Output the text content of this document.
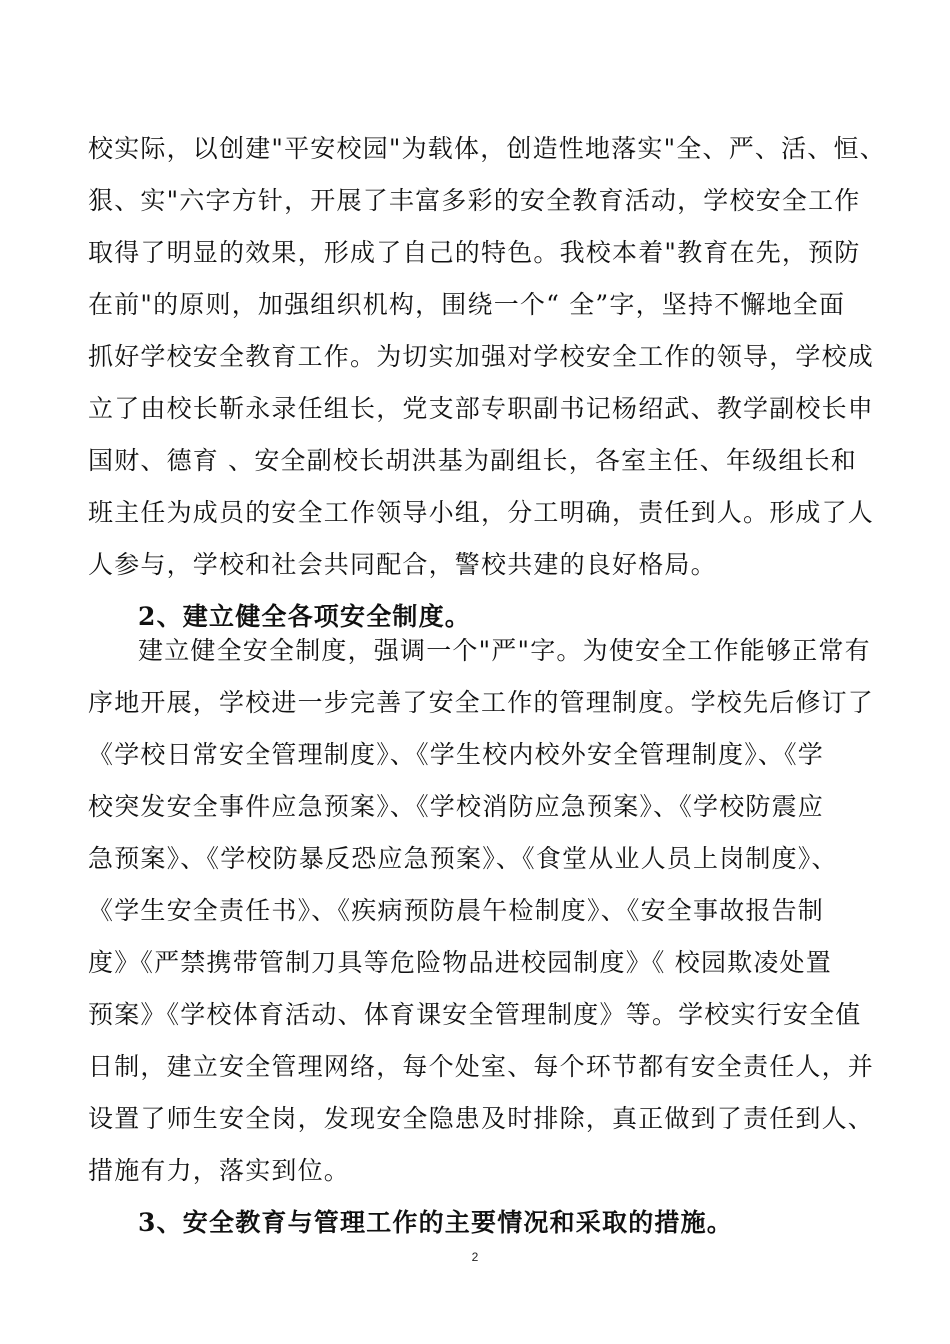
校实际，以创建"平安校园"为载体，创造性地落实"全、严、活、恒、
狠、实"六字方针，开展了丰富多彩的安全教育活动，学校安全工作
取得了明显的效果，形成了自己的特色。我校本着"教育在先，预防
在前"的原则，加强组织机构，围绕一个“ 全”字，坚持不懈地全面
抓好学校安全教育工作。为切实加强对学校安全工作的领导，学校成
立了由校长靳永录任组长，党支部专职副书记杨绍武、教学副校长申
国财、德育 、安全副校长胡洪基为副组长，各室主任、年级组长和
班主任为成员的安全工作领导小组，分工明确，责任到人。形成了人
人参与，学校和社会共同配合，警校共建的良好格局。
2、建立健全各项安全制度。
建立健全安全制度，强调一个"严"字。为使安全工作能够正常有
序地开展，学校进一步完善了安全工作的管理制度。学校先后修订了
《学校日常安全管理制度》、《学生校内校外安全管理制度》、《学
校突发安全事件应急预案》、《学校消防应急预案》、《学校防震应
急预案》、《学校防暴反恐应急预案》、《食堂从业人员上岗制度》、
《学生安全责任书》、《疾病预防晨午检制度》、《安全事故报告制
度》《严禁携带管制刀具等危险物品进校园制度》《 校园欺凌处置
预案》《学校体育活动、体育课安全管理制度》等。学校实行安全值
日制，建立安全管理网络，每个处室、每个环节都有安全责任人，并
设置了师生安全岗，发现安全隐患及时排除，真正做到了责任到人、
措施有力，落实到位。
3、安全教育与管理工作的主要情况和采取的措施。
2
